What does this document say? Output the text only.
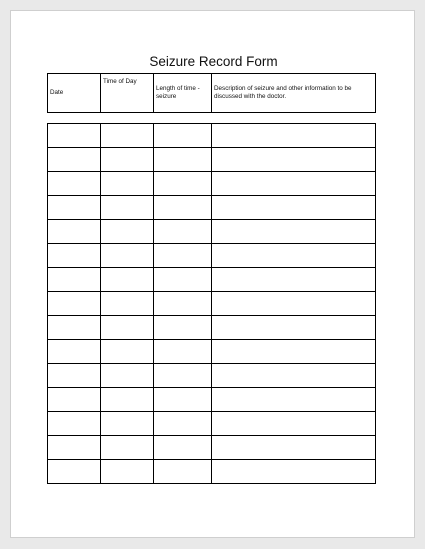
Seizure Record Form
Date	Time of Day	Length of time - seizure	Description of seizure and other information to be discussed with the doctor.
